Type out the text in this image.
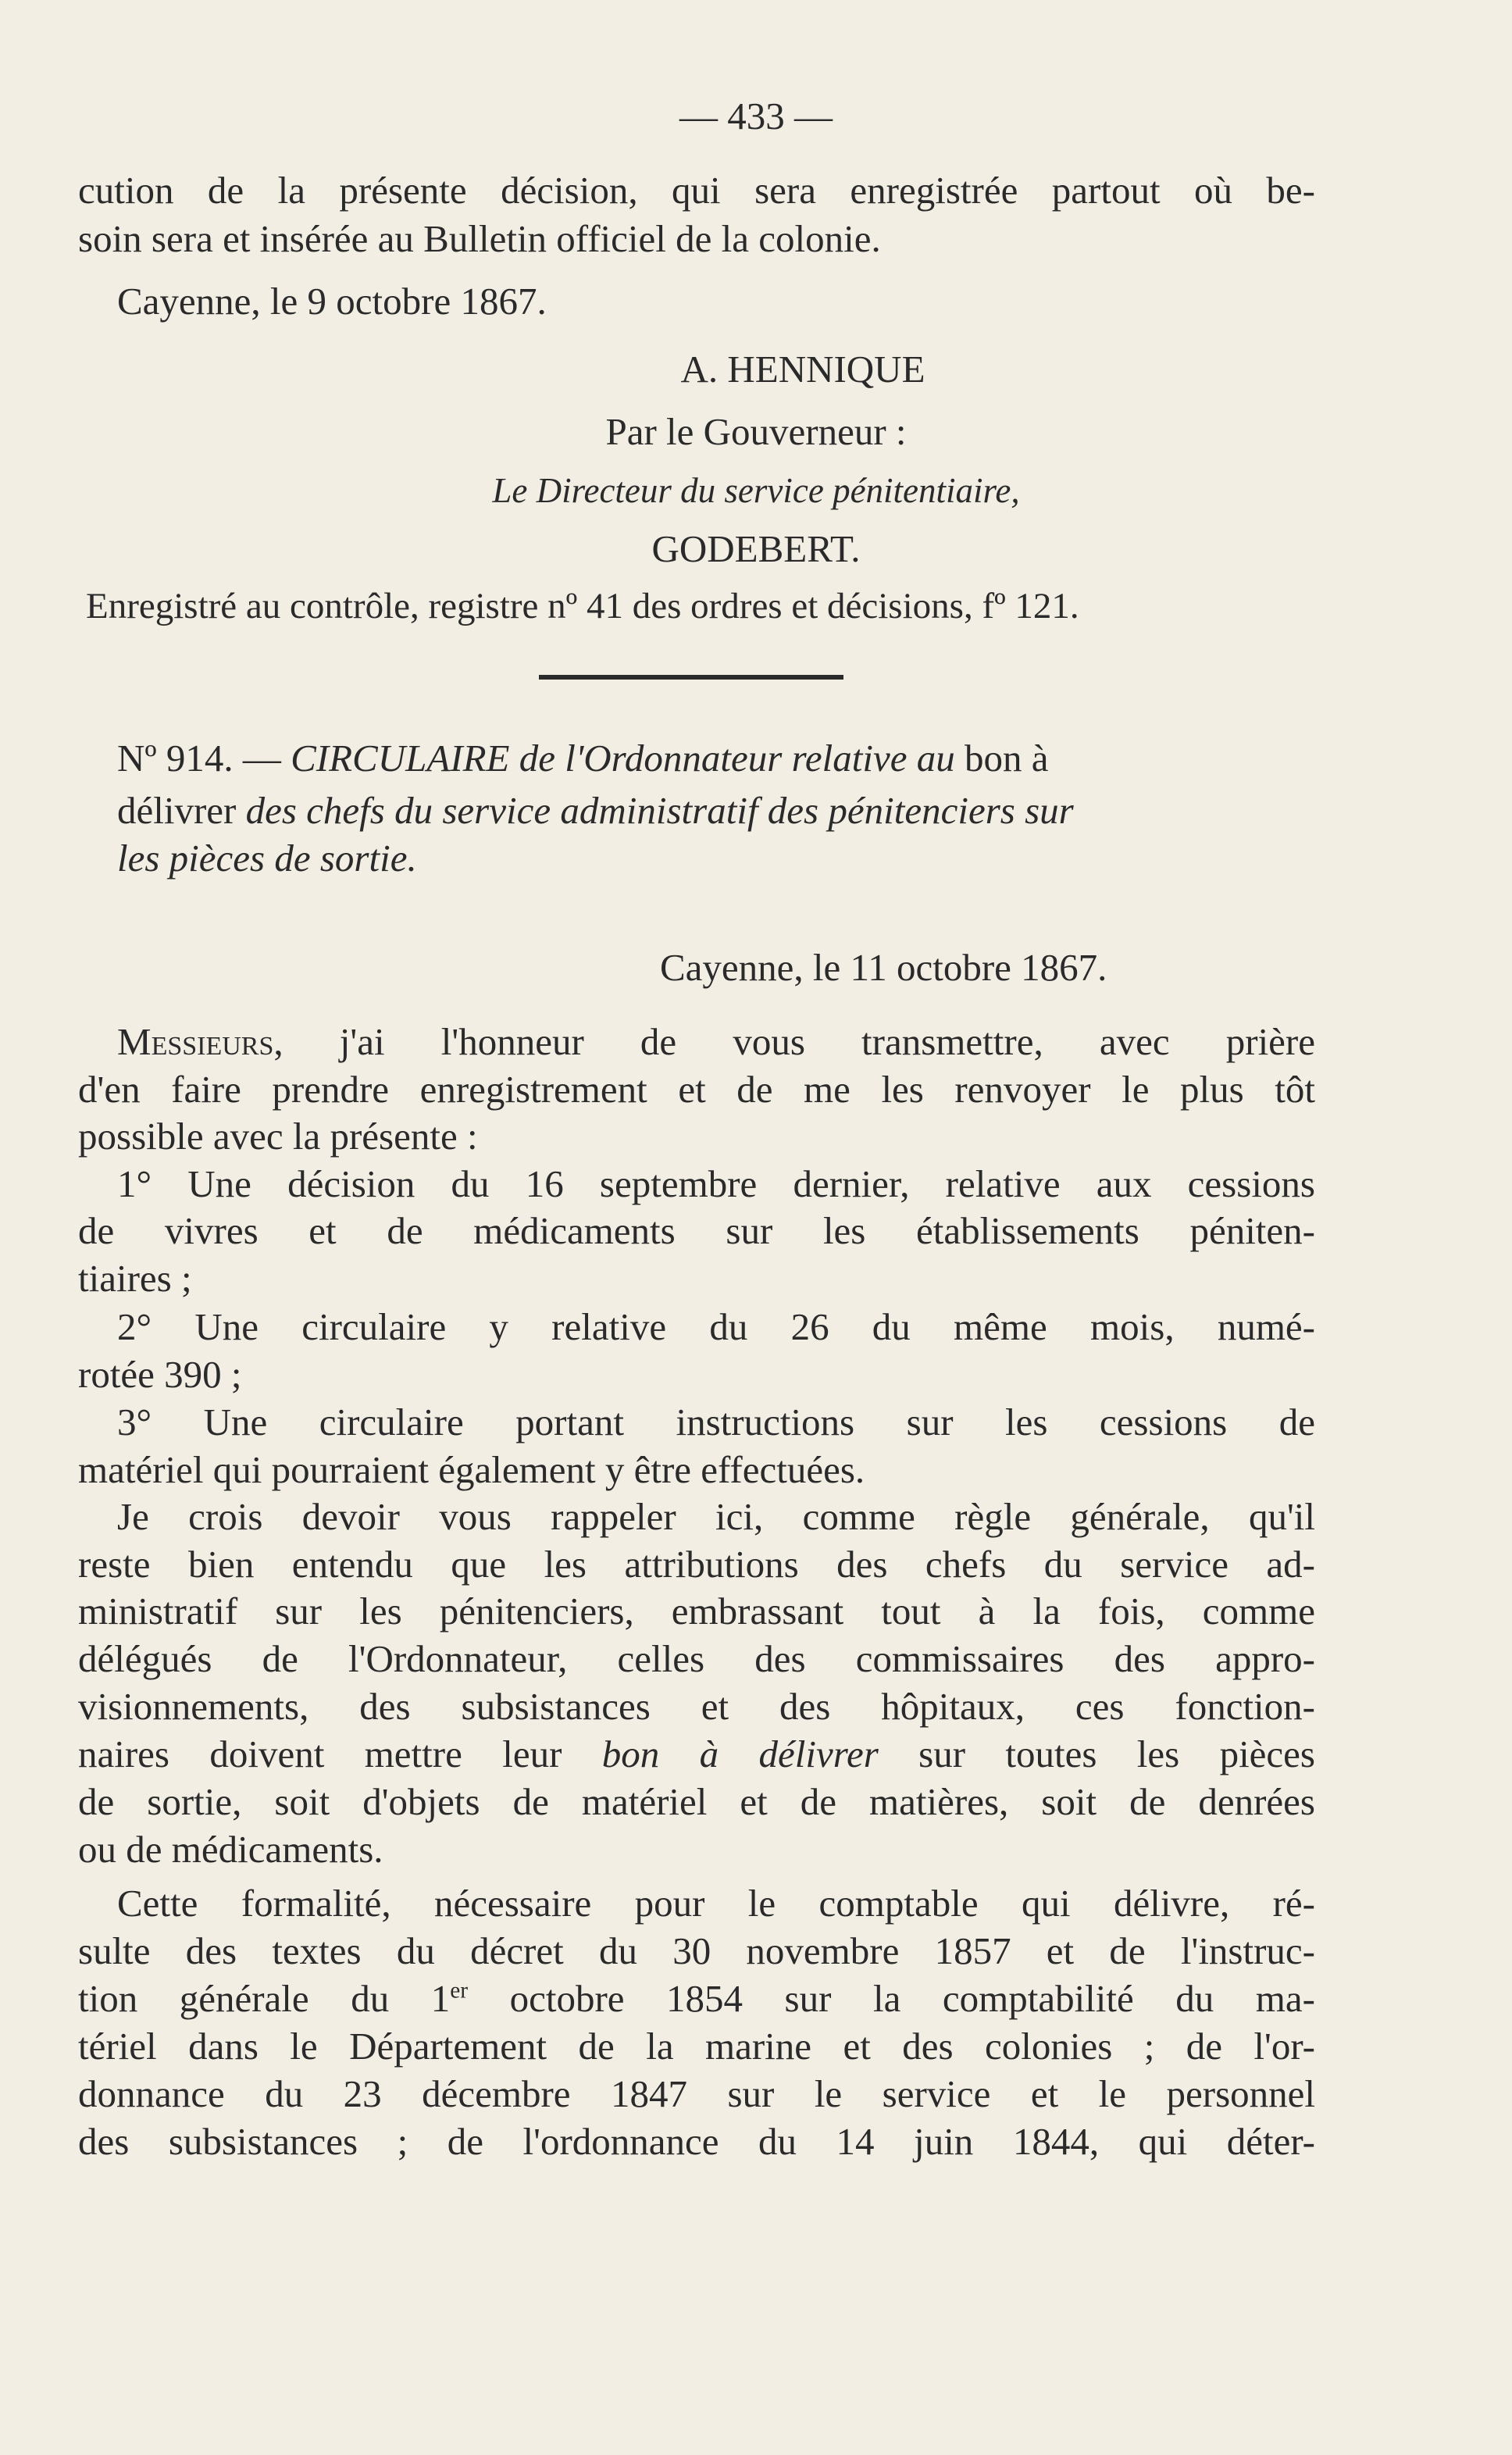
— 433 —
cution de la présente décision, qui sera enregistrée partout où be-
soin sera et insérée au Bulletin officiel de la colonie.
Cayenne, le 9 octobre 1867.
A. HENNIQUE
Par le Gouverneur :
Le Directeur du service pénitentiaire,
GODEBERT.
Enregistré au contrôle, registre nº 41 des ordres et décisions, fº 121.
Nº 914. — CIRCULAIRE de l'Ordonnateur relative au bon à
délivrer des chefs du service administratif des pénitenciers sur
les pièces de sortie.
Cayenne, le 11 octobre 1867.
Messieurs, j'ai l'honneur de vous transmettre, avec prière
d'en faire prendre enregistrement et de me les renvoyer le plus tôt
possible avec la présente :
1° Une décision du 16 septembre dernier, relative aux cessions
de vivres et de médicaments sur les établissements péniten-
tiaires ;
2° Une circulaire y relative du 26 du même mois, numé-
rotée 390 ;
3° Une circulaire portant instructions sur les cessions de
matériel qui pourraient également y être effectuées.
Je crois devoir vous rappeler ici, comme règle générale, qu'il
reste bien entendu que les attributions des chefs du service ad-
ministratif sur les pénitenciers, embrassant tout à la fois, comme
délégués de l'Ordonnateur, celles des commissaires des appro-
visionnements, des subsistances et des hôpitaux, ces fonction-
naires doivent mettre leur bon à délivrer sur toutes les pièces
de sortie, soit d'objets de matériel et de matières, soit de denrées
ou de médicaments.
Cette formalité, nécessaire pour le comptable qui délivre, ré-
sulte des textes du décret du 30 novembre 1857 et de l'instruc-
tion générale du 1er octobre 1854 sur la comptabilité du ma-
tériel dans le Département de la marine et des colonies ; de l'or-
donnance du 23 décembre 1847 sur le service et le personnel
des subsistances ; de l'ordonnance du 14 juin 1844, qui déter-
